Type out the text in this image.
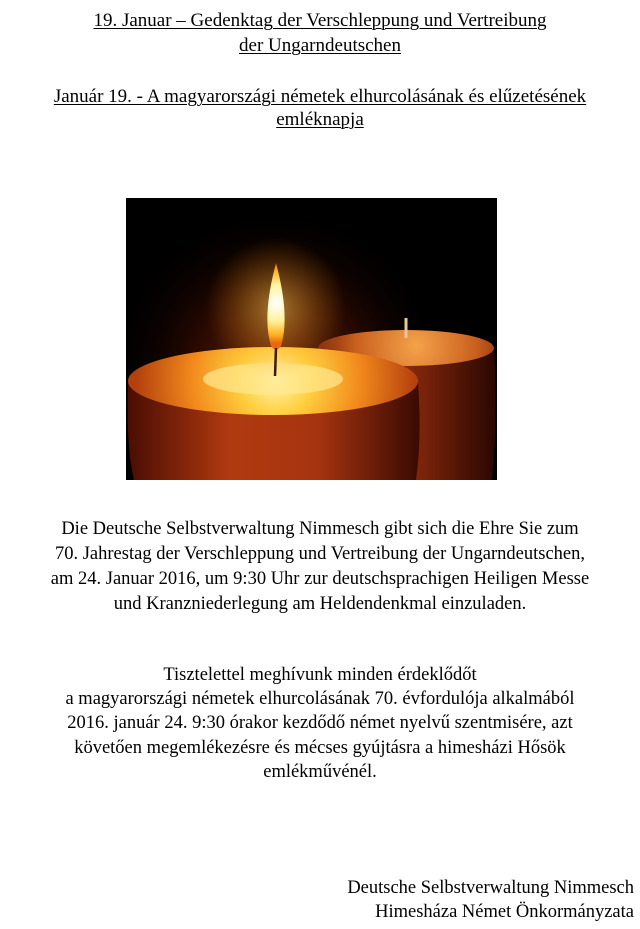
19. Januar – Gedenktag der Verschleppung und Vertreibung
der Ungarndeutschen
Január 19. - A magyarországi németek elhurcolásának és elűzetésének
emléknapja
Die Deutsche Selbstverwaltung Nimmesch gibt sich die Ehre Sie zum
70. Jahrestag der Verschleppung und Vertreibung der Ungarndeutschen,
am 24. Januar 2016, um 9:30 Uhr zur deutschsprachigen Heiligen Messe
und Kranzniederlegung am Heldendenkmal einzuladen.
Tisztelettel meghívunk minden érdeklődőt
a magyarországi németek elhurcolásának 70. évfordulója alkalmából
2016. január 24. 9:30 órakor kezdődő német nyelvű szentmisére, azt
követően megemlékezésre és mécses gyújtásra a himesházi Hősök
emlékművénél.
Deutsche Selbstverwaltung Nimmesch
Himesháza Német Önkormányzata
